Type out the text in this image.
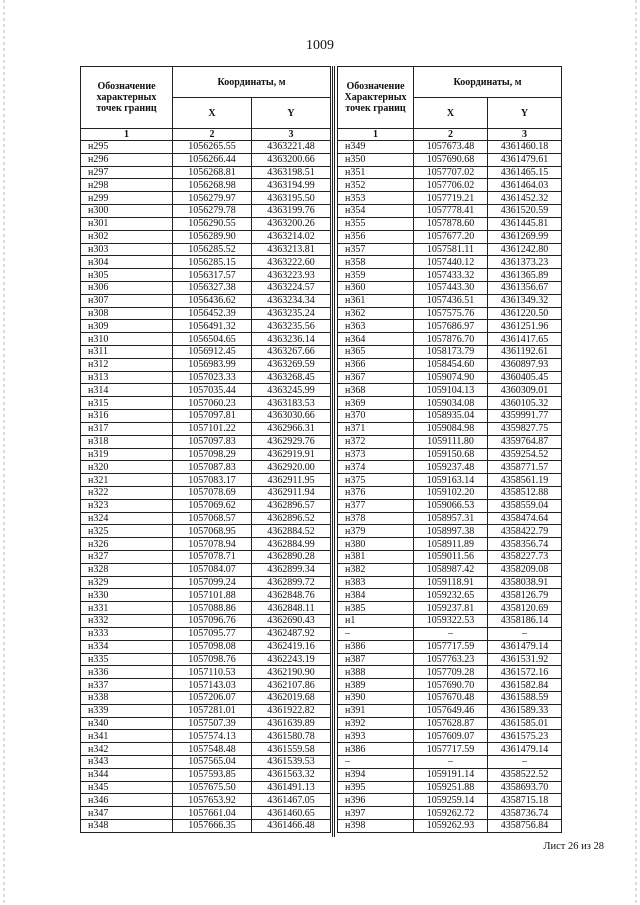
1009
Обозначение характерных точек границ	Координаты, м	
	X	Y
1	2	3
н295	1056265.55	4363221.48
н296	1056266.44	4363200.66
н297	1056268.81	4363198.51
н298	1056268.98	4363194.99
н299	1056279.97	4363195.50
н300	1056279.78	4363199.76
н301	1056290.55	4363200.26
н302	1056289.90	4363214.02
н303	1056285.52	4363213.81
н304	1056285.15	4363222.60
н305	1056317.57	4363223.93
н306	1056327.38	4363224.57
н307	1056436.62	4363234.34
н308	1056452.39	4363235.24
н309	1056491.32	4363235.56
н310	1056504.65	4363236.14
н311	1056912.45	4363267.66
н312	1056983.99	4363269.59
н313	1057023.33	4363268.45
н314	1057035.44	4363245.99
н315	1057060.23	4363183.53
н316	1057097.81	4363030.66
н317	1057101.22	4362966.31
н318	1057097.83	4362929.76
н319	1057098.29	4362919.91
н320	1057087.83	4362920.00
н321	1057083.17	4362911.95
н322	1057078.69	4362911.94
н323	1057069.62	4362896.57
н324	1057068.57	4362896.52
н325	1057068.95	4362884.52
н326	1057078.94	4362884.99
н327	1057078.71	4362890.28
н328	1057084.07	4362899.34
н329	1057099.24	4362899.72
н330	1057101.88	4362848.76
н331	1057088.86	4362848.11
н332	1057096.76	4362690.43
н333	1057095.77	4362487.92
н334	1057098.08	4362419.16
н335	1057098.76	4362243.19
н336	1057110.53	4362190.90
н337	1057143.03	4362107.86
н338	1057206.07	4362019.68
н339	1057281.01	4361922.82
н340	1057507.39	4361639.89
н341	1057574.13	4361580.78
н342	1057548.48	4361559.58
н343	1057565.04	4361539.53
н344	1057593.85	4361563.32
н345	1057675.50	4361491.13
н346	1057653.92	4361467.05
н347	1057661.04	4361460.65
н348	1057666.35	4361466.48
Обозначение Характерных точек границ	Координаты, м	
	X	Y
1	2	3
н349	1057673.48	4361460.18
н350	1057690.68	4361479.61
н351	1057707.02	4361465.15
н352	1057706.02	4361464.03
н353	1057719.21	4361452.32
н354	1057778.41	4361520.59
н355	1057878.60	4361445.81
н356	1057677.20	4361269.99
н357	1057581.11	4361242.80
н358	1057440.12	4361373.23
н359	1057433.32	4361365.89
н360	1057443.30	4361356.67
н361	1057436.51	4361349.32
н362	1057575.76	4361220.50
н363	1057686.97	4361251.96
н364	1057876.70	4361417.65
н365	1058173.79	4361192.61
н366	1058454.60	4360897.93
н367	1059074.90	4360405.45
н368	1059104.13	4360309.01
н369	1059034.08	4360105.32
н370	1058935.04	4359991.77
н371	1059084.98	4359827.75
н372	1059111.80	4359764.87
н373	1059150.68	4359254.52
н374	1059237.48	4358771.57
н375	1059163.14	4358561.19
н376	1059102.20	4358512.88
н377	1059066.53	4358559.04
н378	1058957.31	4358474.64
н379	1058997.38	4358422.79
н380	1058911.89	4358356.74
н381	1059011.56	4358227.73
н382	1058987.42	4358209.08
н383	1059118.91	4358038.91
н384	1059232.65	4358126.79
н385	1059237.81	4358120.69
н1	1059322.53	4358186.14
–	–	–
н386	1057717.59	4361479.14
н387	1057763.23	4361531.92
н388	1057709.28	4361572.16
н389	1057690.70	4361582.84
н390	1057670.48	4361588.59
н391	1057649.46	4361589.33
н392	1057628.87	4361585.01
н393	1057609.07	4361575.23
н386	1057717.59	4361479.14
–	–	–
н394	1059191.14	4358522.52
н395	1059251.88	4358693.70
н396	1059259.14	4358715.18
н397	1059262.72	4358736.74
н398	1059262.93	4358756.84
Лист 26 из 28
